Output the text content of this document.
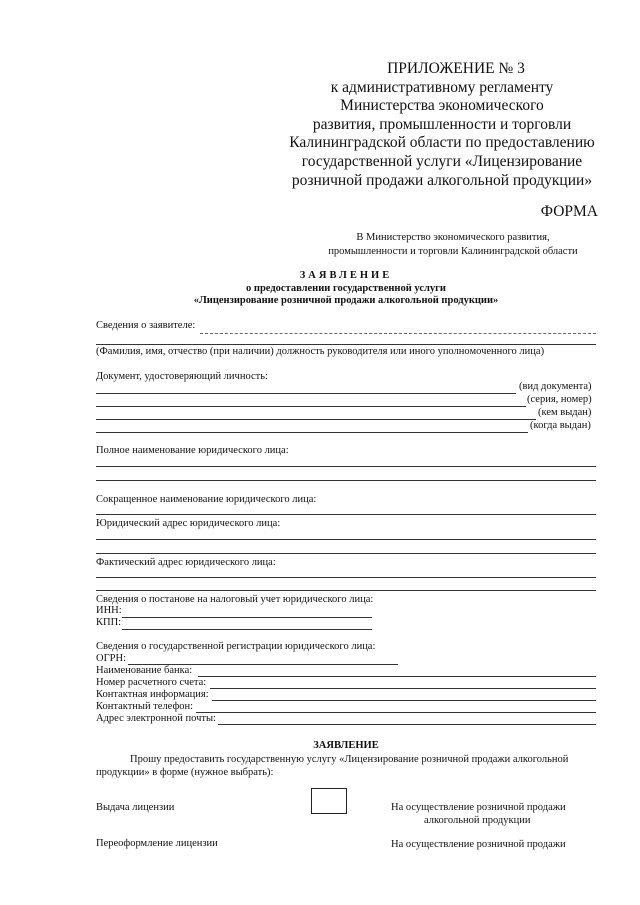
ПРИЛОЖЕНИЕ № 3
к административному регламенту
Министерства экономического
развития, промышленности и торговли
Калининградской области по предоставлению
государственной услуги «Лицензирование
розничной продажи алкогольной продукции»
ФОРМА
В Министерство экономического развития,
промышленности и торговли Калининградской области
ЗАЯВЛЕНИЕ
о предоставлении государственной услуги
«Лицензирование розничной продажи алкогольной продукции»
Сведения о заявителе:
(Фамилия, имя, отчество (при наличии) должность руководителя или иного уполномоченного лица)
Документ, удостоверяющий личность:
(вид документа)
(серия, номер)
(кем выдан)
(когда выдан)
Полное наименование юридического лица:
Сокращенное наименование юридического лица:
Юридический адрес юридического лица:
Фактический адрес юридического лица:
Сведения о постанове на налоговый учет юридического лица:
ИНН:
КПП:
Сведения о государственной регистрации юридического лица:
ОГРН:
Наименование банка:
Номер расчетного счета:
Контактная информация:
Контактный телефон:
Адрес электронной почты:
ЗАЯВЛЕНИЕ
Прошу предоставить государственную услугу «Лицензирование розничной продажи алкогольной
продукции» в форме (нужное выбрать):
Выдача лицензии	На осуществление розничной продажи
алкогольной продукции
Переоформление лицензии	На осуществление розничной продажи
